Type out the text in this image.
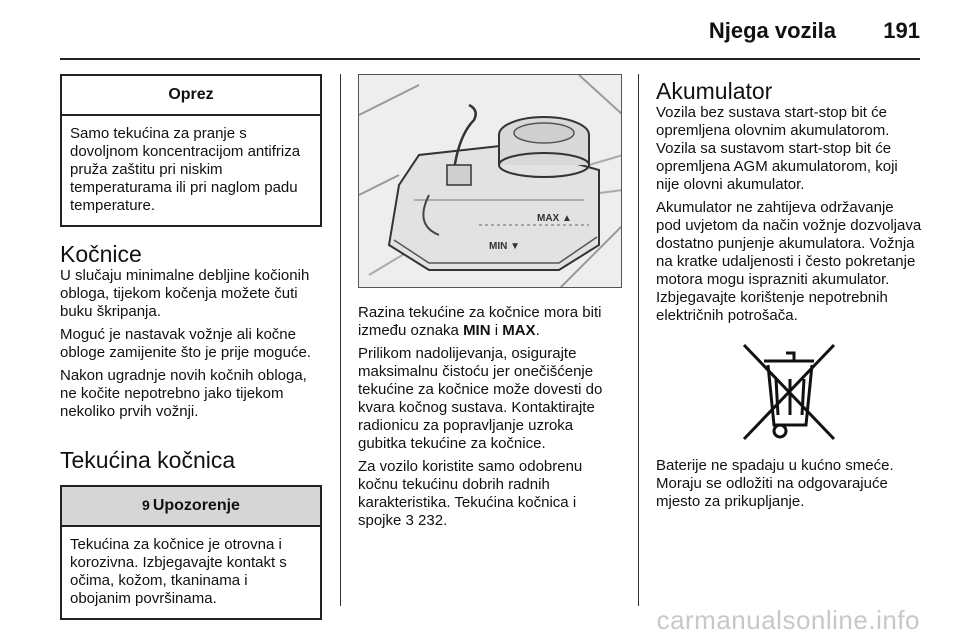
Njega vozila 191
Oprez
Samo tekućina za pranje s dovoljnom koncentracijom antifriza pruža zaštitu pri niskim temperaturama ili pri naglom padu temperature.
Kočnice

U slučaju minimalne debljine kočionih obloga, tijekom kočenja možete čuti buku škripanja.

Moguć je nastavak vožnje ali kočne obloge zamijenite što je prije moguće.

Nakon ugradnje novih kočnih obloga, ne kočite nepotrebno jako tijekom nekoliko prvih vožnji.

Tekućina kočnica
9 Upozorenje
Tekućina za kočnice je otrovna i korozivna. Izbjegavajte kontakt s očima, kožom, tkaninama i obojanim površinama.
MAX ▲
MIN ▼

Razina tekućine za kočnice mora biti između oznaka MIN i MAX.

Prilikom nadolijevanja, osigurajte maksimalnu čistoću jer onečišćenje tekućine za kočnice može dovesti do kvara kočnog sustava. Kontaktirajte radionicu za popravljanje uzroka gubitka tekućine za kočnice.

Za vozilo koristite samo odobrenu kočnu tekućinu dobrih radnih karakteristika. Tekućina kočnica i spojke 3 232.

Akumulator

Vozila bez sustava start-stop bit će opremljena olovnim akumulatorom.

Vozila sa sustavom start-stop bit će opremljena AGM akumulatorom, koji nije olovni akumulator.

Akumulator ne zahtijeva održavanje pod uvjetom da način vožnje dozvoljava dostatno punjenje akumulatora. Vožnja na kratke udaljenosti i često pokretanje motora mogu isprazniti akumulator.

Izbjegavajte korištenje nepotrebnih električnih potrošača.

Baterije ne spadaju u kućno smeće. Moraju se odložiti na odgovarajuće mjesto za prikupljanje.

carmanualsonline.info
